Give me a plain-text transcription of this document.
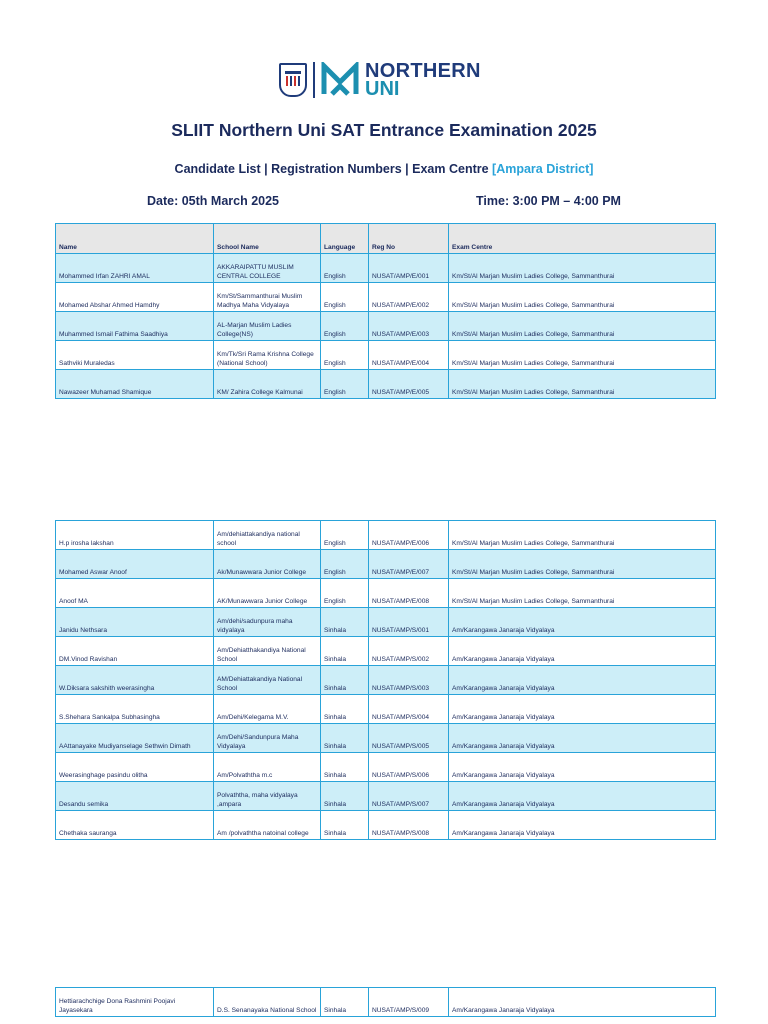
NORTHERN
UNI
SLIIT Northern Uni SAT Entrance Examination 2025
Candidate List | Registration Numbers | Exam Centre [Ampara District]
Date: 05th March 2025	Time: 3:00 PM – 4:00 PM
Name	School Name	Language	Reg No	Exam Centre
Mohammed Irfan ZAHRI AMAL	AKKARAIPATTU MUSLIM CENTRAL COLLEGE	English	NUSAT/AMP/E/001	Km/St/Al Marjan Muslim Ladies College, Sammanthurai
Mohamed Abshar Ahmed Hamdhy	Km/St/Sammanthurai Muslim Madhya Maha Vidyalaya	English	NUSAT/AMP/E/002	Km/St/Al Marjan Muslim Ladies College, Sammanthurai
Muhammed Ismail Fathima Saadhiya	AL-Marjan Muslim Ladies College(NS)	English	NUSAT/AMP/E/003	Km/St/Al Marjan Muslim Ladies College, Sammanthurai
Sathviki Muraledas	Km/Tk/Sri Rama Krishna College (National School)	English	NUSAT/AMP/E/004	Km/St/Al Marjan Muslim Ladies College, Sammanthurai
Nawazeer Muhamad Shamique	KM/ Zahira College Kalmunai	English	NUSAT/AMP/E/005	Km/St/Al Marjan Muslim Ladies College, Sammanthurai
H.p irosha lakshan	Am/dehiattakandiya national school	English	NUSAT/AMP/E/006	Km/St/Al Marjan Muslim Ladies College, Sammanthurai
Mohamed Aswar Anoof	Ak/Munawwara Junior College	English	NUSAT/AMP/E/007	Km/St/Al Marjan Muslim Ladies College, Sammanthurai
Anoof MA	AK/Munawwara Junior College	English	NUSAT/AMP/E/008	Km/St/Al Marjan Muslim Ladies College, Sammanthurai
Janidu Nethsara	Am/dehi/sadunpura maha vidyalaya	Sinhala	NUSAT/AMP/S/001	Am/Karangawa Janaraja Vidyalaya
DM.Vinod Ravishan	Am/Dehiatthakandiya National School	Sinhala	NUSAT/AMP/S/002	Am/Karangawa Janaraja Vidyalaya
W.Diksara sakshith weerasingha	AM/Dehiattakandiya National School	Sinhala	NUSAT/AMP/S/003	Am/Karangawa Janaraja Vidyalaya
S.Shehara Sankalpa Subhasingha	Am/Dehi/Kelegama M.V.	Sinhala	NUSAT/AMP/S/004	Am/Karangawa Janaraja Vidyalaya
AAttanayake Mudiyanselage Sethwin Dimath	Am/Dehi/Sandunpura Maha Vidyalaya	Sinhala	NUSAT/AMP/S/005	Am/Karangawa Janaraja Vidyalaya
Weerasinghage pasindu olitha	Am/Polvaththa m.c	Sinhala	NUSAT/AMP/S/006	Am/Karangawa Janaraja Vidyalaya
Desandu semika	Polvaththa, maha vidyalaya ,ampara	Sinhala	NUSAT/AMP/S/007	Am/Karangawa Janaraja Vidyalaya
Chethaka sauranga	Am /polvaththa natoinal college	Sinhala	NUSAT/AMP/S/008	Am/Karangawa Janaraja Vidyalaya
Hettiarachchige Dona Rashmini Poojavi Jayasekara	D.S. Senanayaka National School	Sinhala	NUSAT/AMP/S/009	Am/Karangawa Janaraja Vidyalaya
